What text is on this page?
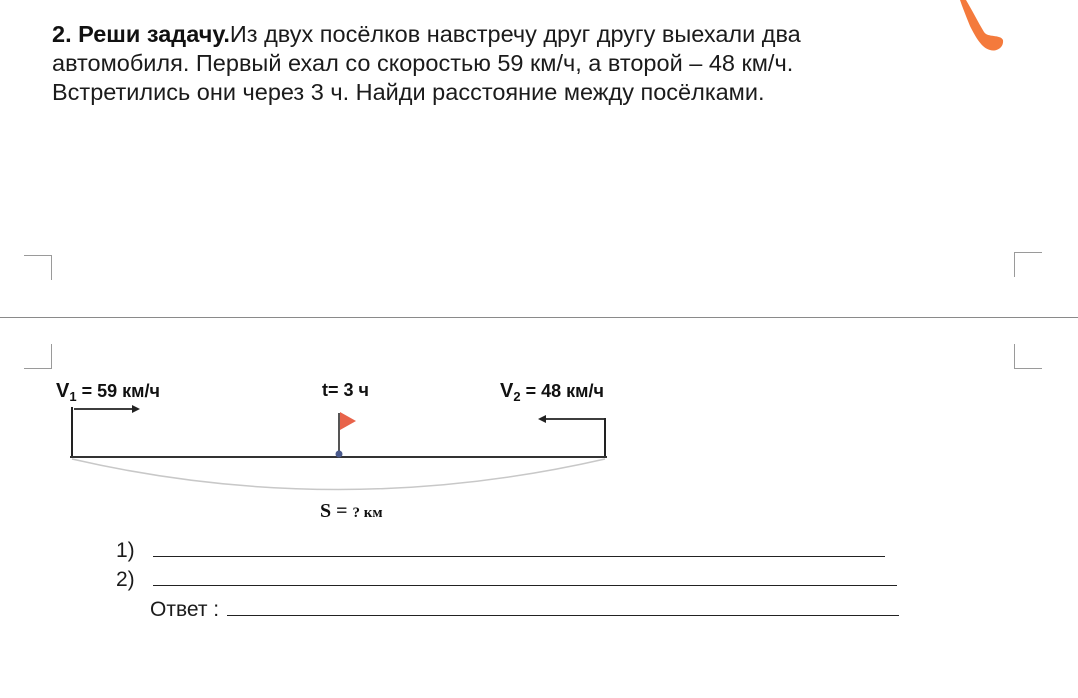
2. Реши задачу.Из двух посёлков навстречу друг другу выехали два
автомобиля. Первый ехал со скоростью 59 км/ч, а второй – 48 км/ч.
Встретились они через 3 ч. Найди расстояние между посёлками.
$V_1 = 59$ км/ч	t= 3 ч	$V_2 = 48$ км/ч
S = ? км
1)
2)
Ответ :
